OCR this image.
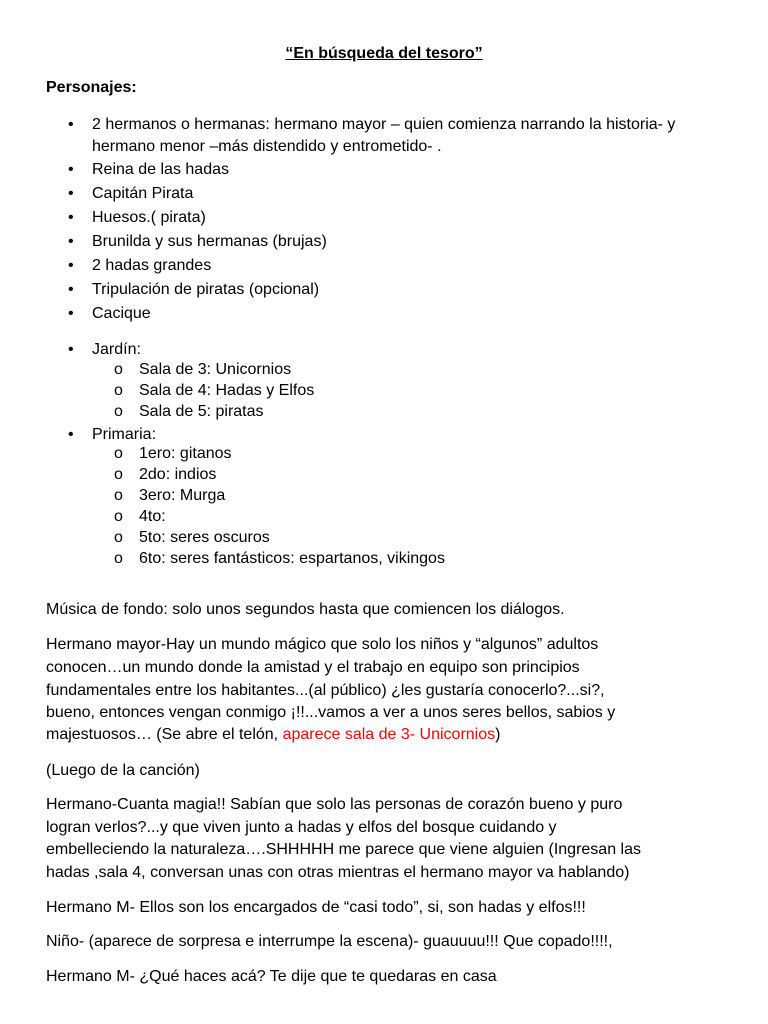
“En búsqueda del tesoro”
Personajes:
• 2 hermanos o hermanas: hermano mayor – quien comienza narrando la historia- y hermano menor –más distendido y entrometido- .
• Reina de las hadas
• Capitán Pirata
• Huesos.( pirata)
• Brunilda y sus hermanas (brujas)
• 2 hadas grandes
• Tripulación de piratas (opcional)
• Cacique
• Jardín:
o Sala de 3: Unicornios
o Sala de 4: Hadas y Elfos
o Sala de 5: piratas
• Primaria:
o 1ero: gitanos
o 2do: indios
o 3ero: Murga
o 4to:
o 5to: seres oscuros
o 6to: seres fantásticos: espartanos, vikingos
Música de fondo: solo unos segundos hasta que comiencen los diálogos.
Hermano mayor-Hay un mundo mágico que solo los niños y “algunos” adultos
conocen…un mundo donde la amistad y el trabajo en equipo son principios
fundamentales entre los habitantes...(al público) ¿les gustaría conocerlo?...si?,
bueno, entonces vengan conmigo ¡!!...vamos a ver a unos seres bellos, sabios y
majestuosos… (Se abre el telón, aparece sala de 3- Unicornios)
(Luego de la canción)
Hermano-Cuanta magia!! Sabían que solo las personas de corazón bueno y puro
logran verlos?...y que viven junto a hadas y elfos del bosque cuidando y
embelleciendo la naturaleza….SHHHHH me parece que viene alguien (Ingresan las
hadas ,sala 4, conversan unas con otras mientras el hermano mayor va hablando)
Hermano M- Ellos son los encargados de “casi todo”, si, son hadas y elfos!!!
Niño- (aparece de sorpresa e interrumpe la escena)- guauuuu!!! Que copado!!!!,
Hermano M- ¿Qué haces acá? Te dije que te quedaras en casa
